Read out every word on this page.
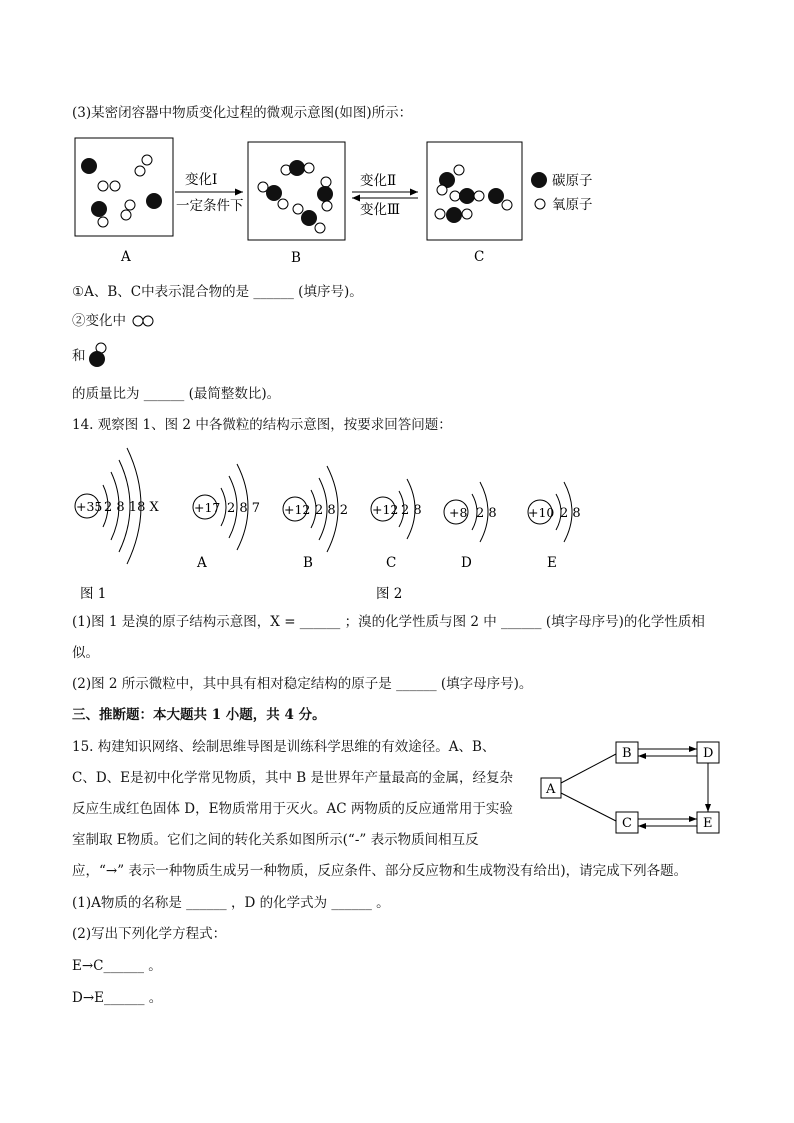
(3)某密闭容器中物质变化过程的微观示意图(如图)所示：
变化Ⅰ
一定条件下
变化Ⅱ
变化Ⅲ
碳原子
氧原子
A	B	C
①A、B、C中表示混合物的是 ______ (填序号)。
②变化中
和
的质量比为 ______ (最简整数比)。
14. 观察图 1、图 2 中各微粒的结构示意图，按要求回答问题：
+35 2 8 18 X	+17 2 8 7
A
+12 2 8 2
B
+12 2 8
C
+8 2 8
D
+10 2 8
E
图 1	图 2
(1)图 1 是溴的原子结构示意图，X = ______ ；溴的化学性质与图 2 中 ______ (填字母序号)的化学性质相
似。
(2)图 2 所示微粒中，其中具有相对稳定结构的原子是 ______ (填字母序号)。
三、推断题：本大题共 1 小题，共 4 分。
15. 构建知识网络、绘制思维导图是训练科学思维的有效途径。A、B、
C、D、E是初中化学常见物质，其中 B 是世界年产量最高的金属，经复杂
反应生成红色固体 D，E物质常用于灭火。AC 两物质的反应通常用于实验
室制取 E物质。它们之间的转化关系如图所示(“-” 表示物质间相互反
应，“→” 表示一种物质生成另一种物质，反应条件、部分反应物和生成物没有给出)，请完成下列各题。
A
B	D
C	E
(1)A物质的名称是 ______ ，D 的化学式为 ______ 。
(2)写出下列化学方程式：
E→C______ 。
D→E______ 。
